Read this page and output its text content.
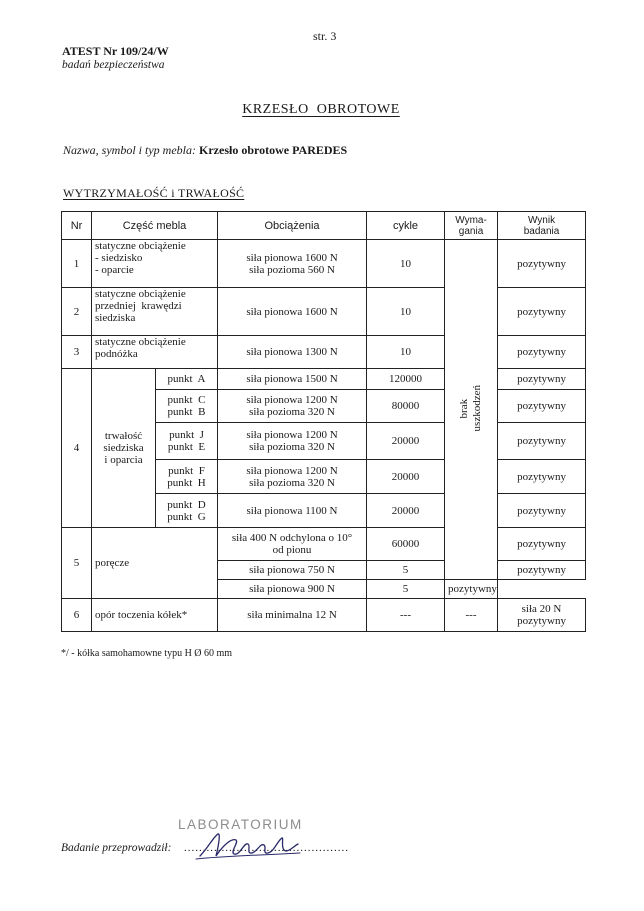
str. 3
ATEST Nr 109/24/W
badań bezpieczeństwa
KRZESŁO  OBROTOWE
Nazwa, symbol i typ mebla: Krzesło obrotowe PAREDES
WYTRZYMAŁOŚĆ i TRWAŁOŚĆ
Nr	Część mebla		Obciążenia	cykle	Wyma-
gania	Wynik
badania

1	statyczne obciążenie
- siedzisko
- oparcie		siła pionowa 1600 N
siła pozioma 560 N	10	brak uszkodzeń	pozytywny
2	statyczne obciążenie
przedniej  krawędzi
siedziska		siła pionowa 1600 N	10		pozytywny
3	statyczne obciążenie
podnóżka		siła pionowa 1300 N	10		pozytywny
4	trwałość
siedziska
i oparcia	punkt  A	siła pionowa 1500 N	120000		pozytywny

		punkt  C
punkt  B	siła pionowa 1200 N
siła pozioma 320 N	80000		pozytywny

		punkt  J
punkt  E	siła pionowa 1200 N
siła pozioma 320 N	20000		pozytywny

		punkt  F
punkt  H	siła pionowa 1200 N
siła pozioma 320 N	20000		pozytywny

		punkt  D
punkt  G	siła pionowa 1100 N	20000		pozytywny
5	poręcze		siła 400 N odchylona o 10°
od pionu	60000		pozytywny

			siła pionowa 750 N	5		pozytywny

			siła pionowa 900 N	5	pozytywny	
6	opór toczenia kółek*		siła minimalna 12 N	---	---	siła 20 N
pozytywny
*/ - kółka samohamowne typu H Ø 60 mm
LABORATORIUM
Badanie przeprowadził: ............................................
